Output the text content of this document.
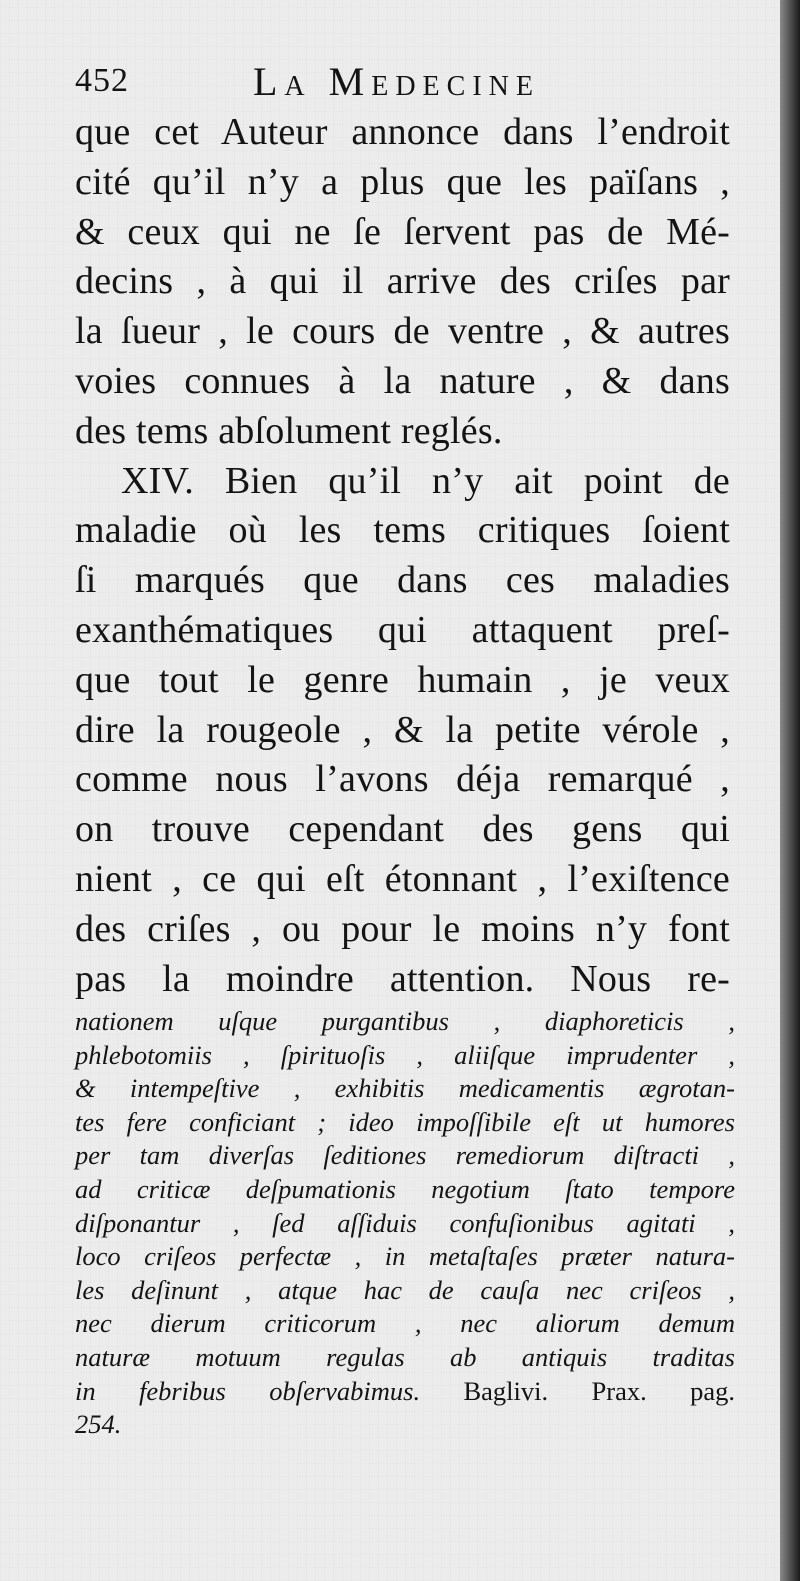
452	La Medecine
que cet Auteur annonce dans l’endroit
cité qu’il n’y a plus que les païſans ,
& ceux qui ne ſe ſervent pas de Mé-
decins , à qui il arrive des criſes par
la ſueur , le cours de ventre , & autres
voies connues à la nature , & dans
des tems abſolument reglés.
XIV. Bien qu’il n’y ait point de
maladie où les tems critiques ſoient
ſi marqués que dans ces maladies
exanthématiques qui attaquent preſ-
que tout le genre humain , je veux
dire la rougeole , & la petite vérole ,
comme nous l’avons déja remarqué ,
on trouve cependant des gens qui
nient , ce qui eſt étonnant , l’exiſtence
des criſes , ou pour le moins n’y font
pas la moindre attention. Nous re-
nationem uſque purgantibus , diaphoreticis ,
phlebotomiis , ſpirituoſis , aliiſque imprudenter ,
& intempeſtive , exhibitis medicamentis ægrotan-
tes fere conficiant ; ideo impoſſibile eſt ut humores
per tam diverſas ſeditiones remediorum diſtracti ,
ad criticæ deſpumationis negotium ſtato tempore
diſponantur , ſed aſſiduis confuſionibus agitati ,
loco criſeos perfectæ , in metaſtaſes præter natura-
les deſinunt , atque hac de cauſa nec criſeos ,
nec dierum criticorum , nec aliorum demum
naturæ motuum regulas ab antiquis traditas
in febribus obſervabimus. Baglivi. Prax. pag.
254.
